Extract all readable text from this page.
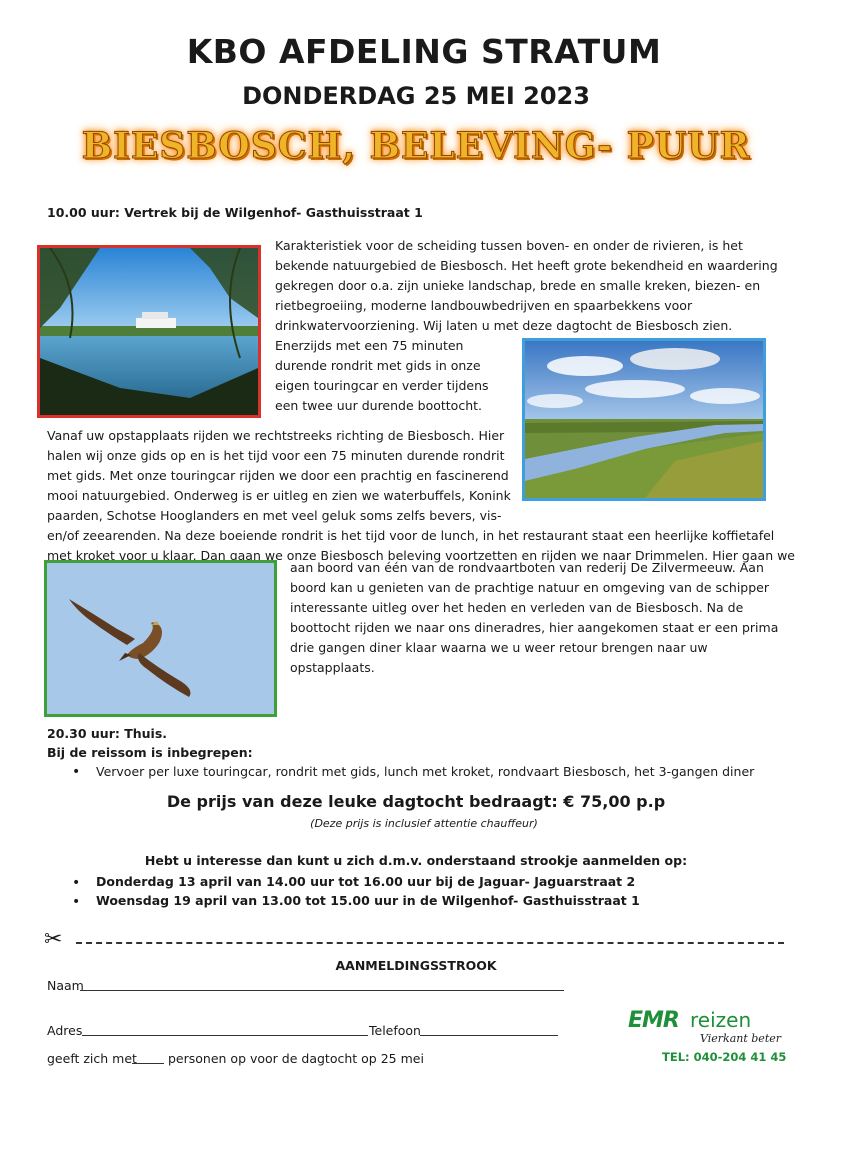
KBO AFDELING STRATUM
DONDERDAG 25 MEI 2023
BIESBOSCH, BELEVING- PUUR
10.00 uur: Vertrek bij de Wilgenhof- Gasthuisstraat 1
Karakteristiek voor de scheiding tussen boven- en onder de rivieren, is het
bekende natuurgebied de Biesbosch. Het heeft grote bekendheid en waardering
gekregen door o.a. zijn unieke landschap, brede en smalle kreken, biezen- en
rietbegroeiing, moderne landbouwbedrijven en spaarbekkens voor
drinkwatervoorziening. Wij laten u met deze dagtocht de Biesbosch zien.
Enerzijds met een 75 minuten
durende rondrit met gids in onze
eigen touringcar en verder tijdens
een twee uur durende boottocht.
Vanaf uw opstapplaats rijden we rechtstreeks richting de Biesbosch. Hier
halen wij onze gids op en is het tijd voor een 75 minuten durende rondrit
met gids. Met onze touringcar rijden we door een prachtig en fascinerend
mooi natuurgebied. Onderweg is er uitleg en zien we waterbuffels, Konink
paarden, Schotse Hooglanders en met veel geluk soms zelfs bevers, vis-
en/of zeearenden. Na deze boeiende rondrit is het tijd voor de lunch, in het restaurant staat een heerlijke koffietafel
met kroket voor u klaar. Dan gaan we onze Biesbosch beleving voortzetten en rijden we naar Drimmelen. Hier gaan we
aan boord van één van de rondvaartboten van rederij De Zilvermeeuw. Aan
boord kan u genieten van de prachtige natuur en omgeving van de schipper
interessante uitleg over het heden en verleden van de Biesbosch. Na de
boottocht rijden we naar ons dineradres, hier aangekomen staat er een prima
drie gangen diner klaar waarna we u weer retour brengen naar uw
opstapplaats.
20.30 uur: Thuis.
Bij de reissom is inbegrepen:
• Vervoer per luxe touringcar, rondrit met gids, lunch met kroket, rondvaart Biesbosch, het 3-gangen diner
De prijs van deze leuke dagtocht bedraagt: € 75,00 p.p
(Deze prijs is inclusief attentie chauffeur)
Hebt u interesse dan kunt u zich d.m.v. onderstaand strookje aanmelden op:
• Donderdag 13 april van 14.00 uur tot 16.00 uur bij de Jaguar- Jaguarstraat 2
• Woensdag 19 april van 13.00 tot 15.00 uur in de Wilgenhof- Gasthuisstraat 1
✂
AANMELDINGSSTROOK
Naam
Adres	Telefoon
geeft zich met personen op voor de dagtocht op 25 mei
EMR reizen
Vierkant beter
TEL: 040-204 41 45
